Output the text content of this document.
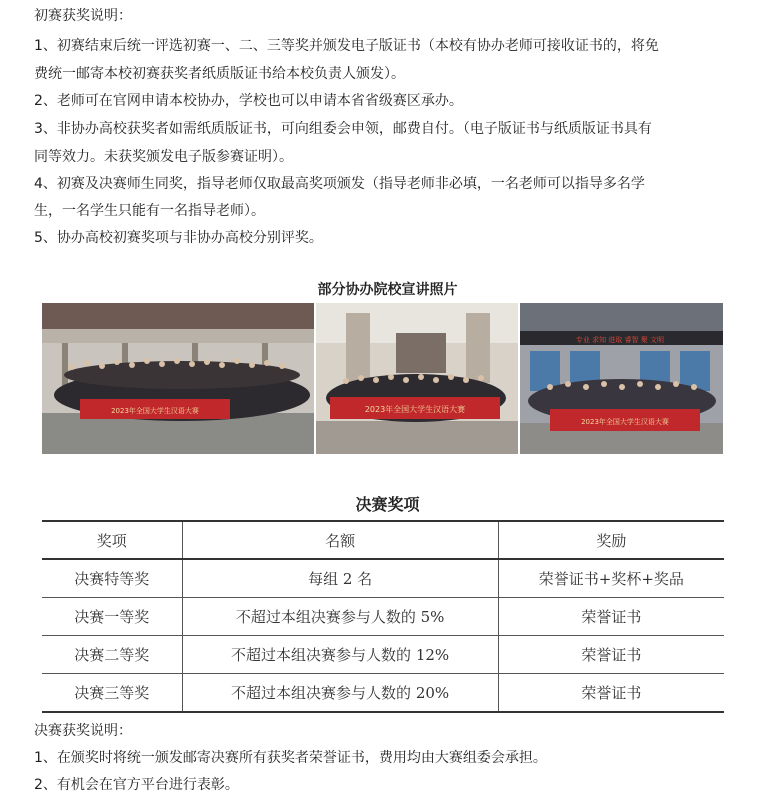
初赛获奖说明：
1、初赛结束后统一评选初赛一、二、三等奖并颁发电子版证书（本校有协办老师可接收证书的，将免
费统一邮寄本校初赛获奖者纸质版证书给本校负责人颁发）。
2、老师可在官网申请本校协办，学校也可以申请本省省级赛区承办。
3、非协办高校获奖者如需纸质版证书，可向组委会申领，邮费自付。（电子版证书与纸质版证书具有
同等效力。未获奖颁发电子版参赛证明）。
4、初赛及决赛师生同奖，指导老师仅取最高奖项颁发（指导老师非必填，一名老师可以指导多名学
生，一名学生只能有一名指导老师）。
5、协办高校初赛奖项与非协办高校分别评奖。
部分协办院校宣讲照片
2023年全国大学生汉语大赛	2023年全国大学生汉语大赛
专业 求知 进取 睿智 聚 文明
2023年全国大学生汉语大赛
决赛奖项
奖项	名额	奖励
决赛特等奖	每组 2 名	荣誉证书+奖杯+奖品
决赛一等奖	不超过本组决赛参与人数的 5%	荣誉证书
决赛二等奖	不超过本组决赛参与人数的 12%	荣誉证书
决赛三等奖	不超过本组决赛参与人数的 20%	荣誉证书
决赛获奖说明：
1、在颁奖时将统一颁发邮寄决赛所有获奖者荣誉证书，费用均由大赛组委会承担。
2、有机会在官方平台进行表彰。
